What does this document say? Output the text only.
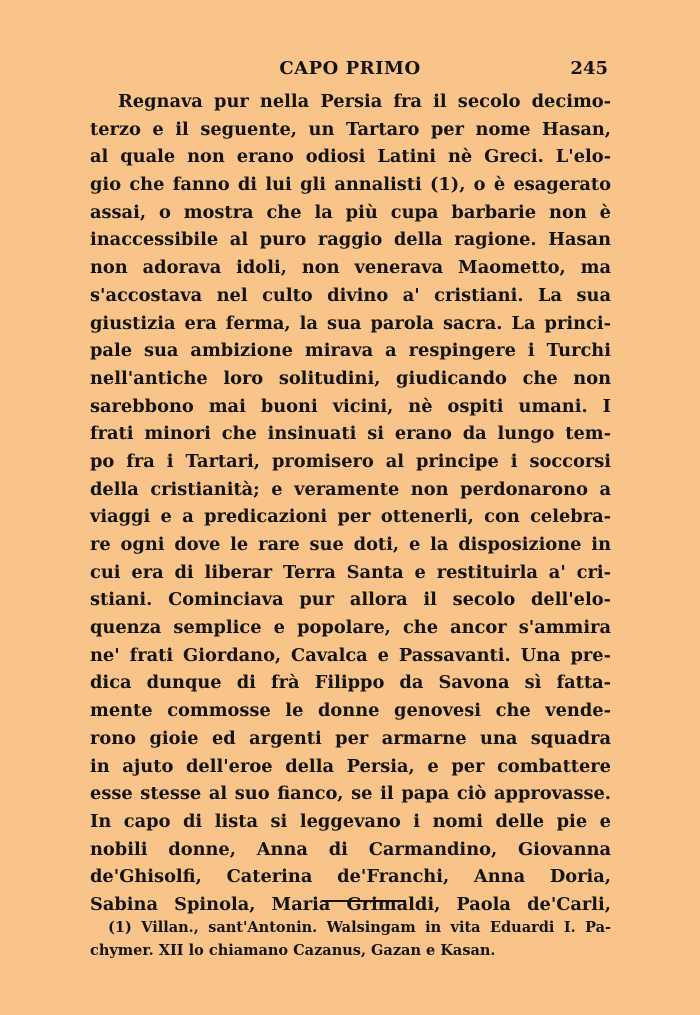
CAPO PRIMO	245
Regnava pur nella Persia fra il secolo decimo-
terzo e il seguente, un Tartaro per nome Hasan,
al quale non erano odiosi Latini nè Greci. L'elo-
gio che fanno di lui gli annalisti (1), o è esagerato
assai, o mostra che la più cupa barbarie non è
inaccessibile al puro raggio della ragione. Hasan
non adorava idoli, non venerava Maometto, ma
s'accostava nel culto divino a' cristiani. La sua
giustizia era ferma, la sua parola sacra. La princi-
pale sua ambizione mirava a respingere i Turchi
nell'antiche loro solitudini, giudicando che non
sarebbono mai buoni vicini, nè ospiti umani. I
frati minori che insinuati si erano da lungo tem-
po fra i Tartari, promisero al principe i soccorsi
della cristianità; e veramente non perdonarono a
viaggi e a predicazioni per ottenerli, con celebra-
re ogni dove le rare sue doti, e la disposizione in
cui era di liberar Terra Santa e restituirla a' cri-
stiani. Cominciava pur allora il secolo dell'elo-
quenza semplice e popolare, che ancor s'ammira
ne' frati Giordano, Cavalca e Passavanti. Una pre-
dica dunque di frà Filippo da Savona sì fatta-
mente commosse le donne genovesi che vende-
rono gioie ed argenti per armarne una squadra
in ajuto dell'eroe della Persia, e per combattere
esse stesse al suo fianco, se il papa ciò approvasse.
In capo di lista si leggevano i nomi delle pie e
nobili donne, Anna di Carmandino, Giovanna
de'Ghisolfi, Caterina de'Franchi, Anna Doria,
Sabina Spinola, Maria Grimaldi, Paola de'Carli,
(1) Villan., sant'Antonin. Walsingam in vita Eduardi I. Pa-
chymer. XII lo chiamano Cazanus, Gazan e Kasan.
